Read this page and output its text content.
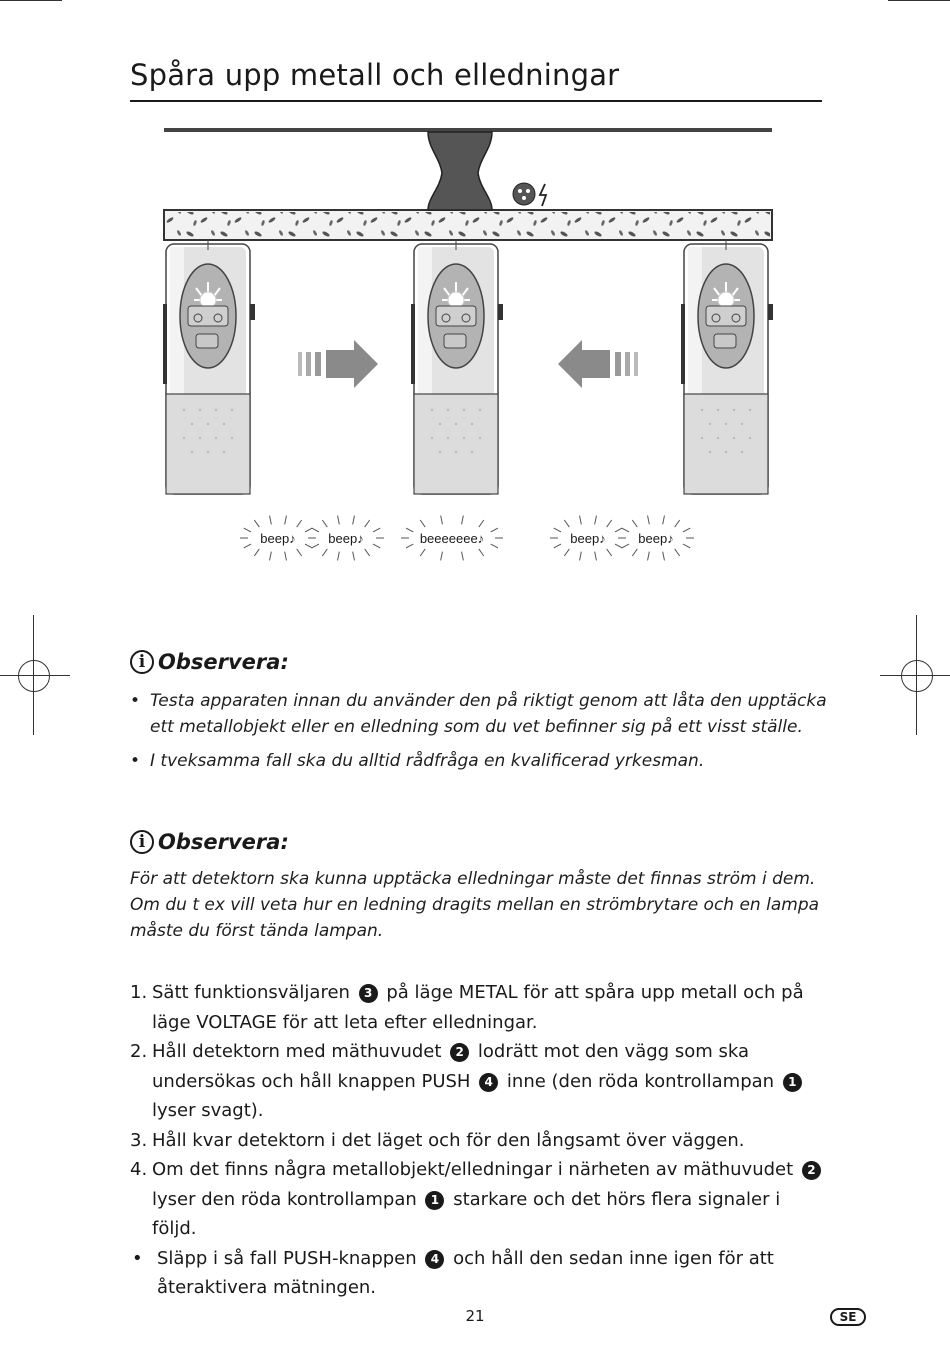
Spåra upp metall och elledningar
beep♪	beep♪	beeeeeee♪	beep♪	beep♪
i Observera:
• Testa apparaten innan du använder den på riktigt genom att låta den upptäcka ett metallobjekt eller en elledning som du vet befinner sig på ett visst ställe.
• I tveksamma fall ska du alltid rådfråga en kvalificerad yrkesman.
i Observera:

För att detektorn ska kunna upptäcka elledningar måste det finnas ström i dem. Om du t ex vill veta hur en ledning dragits mellan en strömbrytare och en lampa måste du först tända lampan.

1. Sätt funktionsväljaren 3 på läge METAL för att spåra upp metall och på läge VOLTAGE för att leta efter elledningar.
2. Håll detektorn med mäthuvudet 2 lodrätt mot den vägg som ska undersökas och håll knappen PUSH 4 inne (den röda kontrollampan 1 lyser svagt).
3. Håll kvar detektorn i det läget och för den långsamt över väggen.
4. Om det finns några metallobjekt/elledningar i närheten av mäthuvudet 2 lyser den röda kontrollampan 1 starkare och det hörs flera signaler i följd.
• Släpp i så fall PUSH-knappen 4 och håll den sedan inne igen för att återaktivera mätningen.
21	SE
